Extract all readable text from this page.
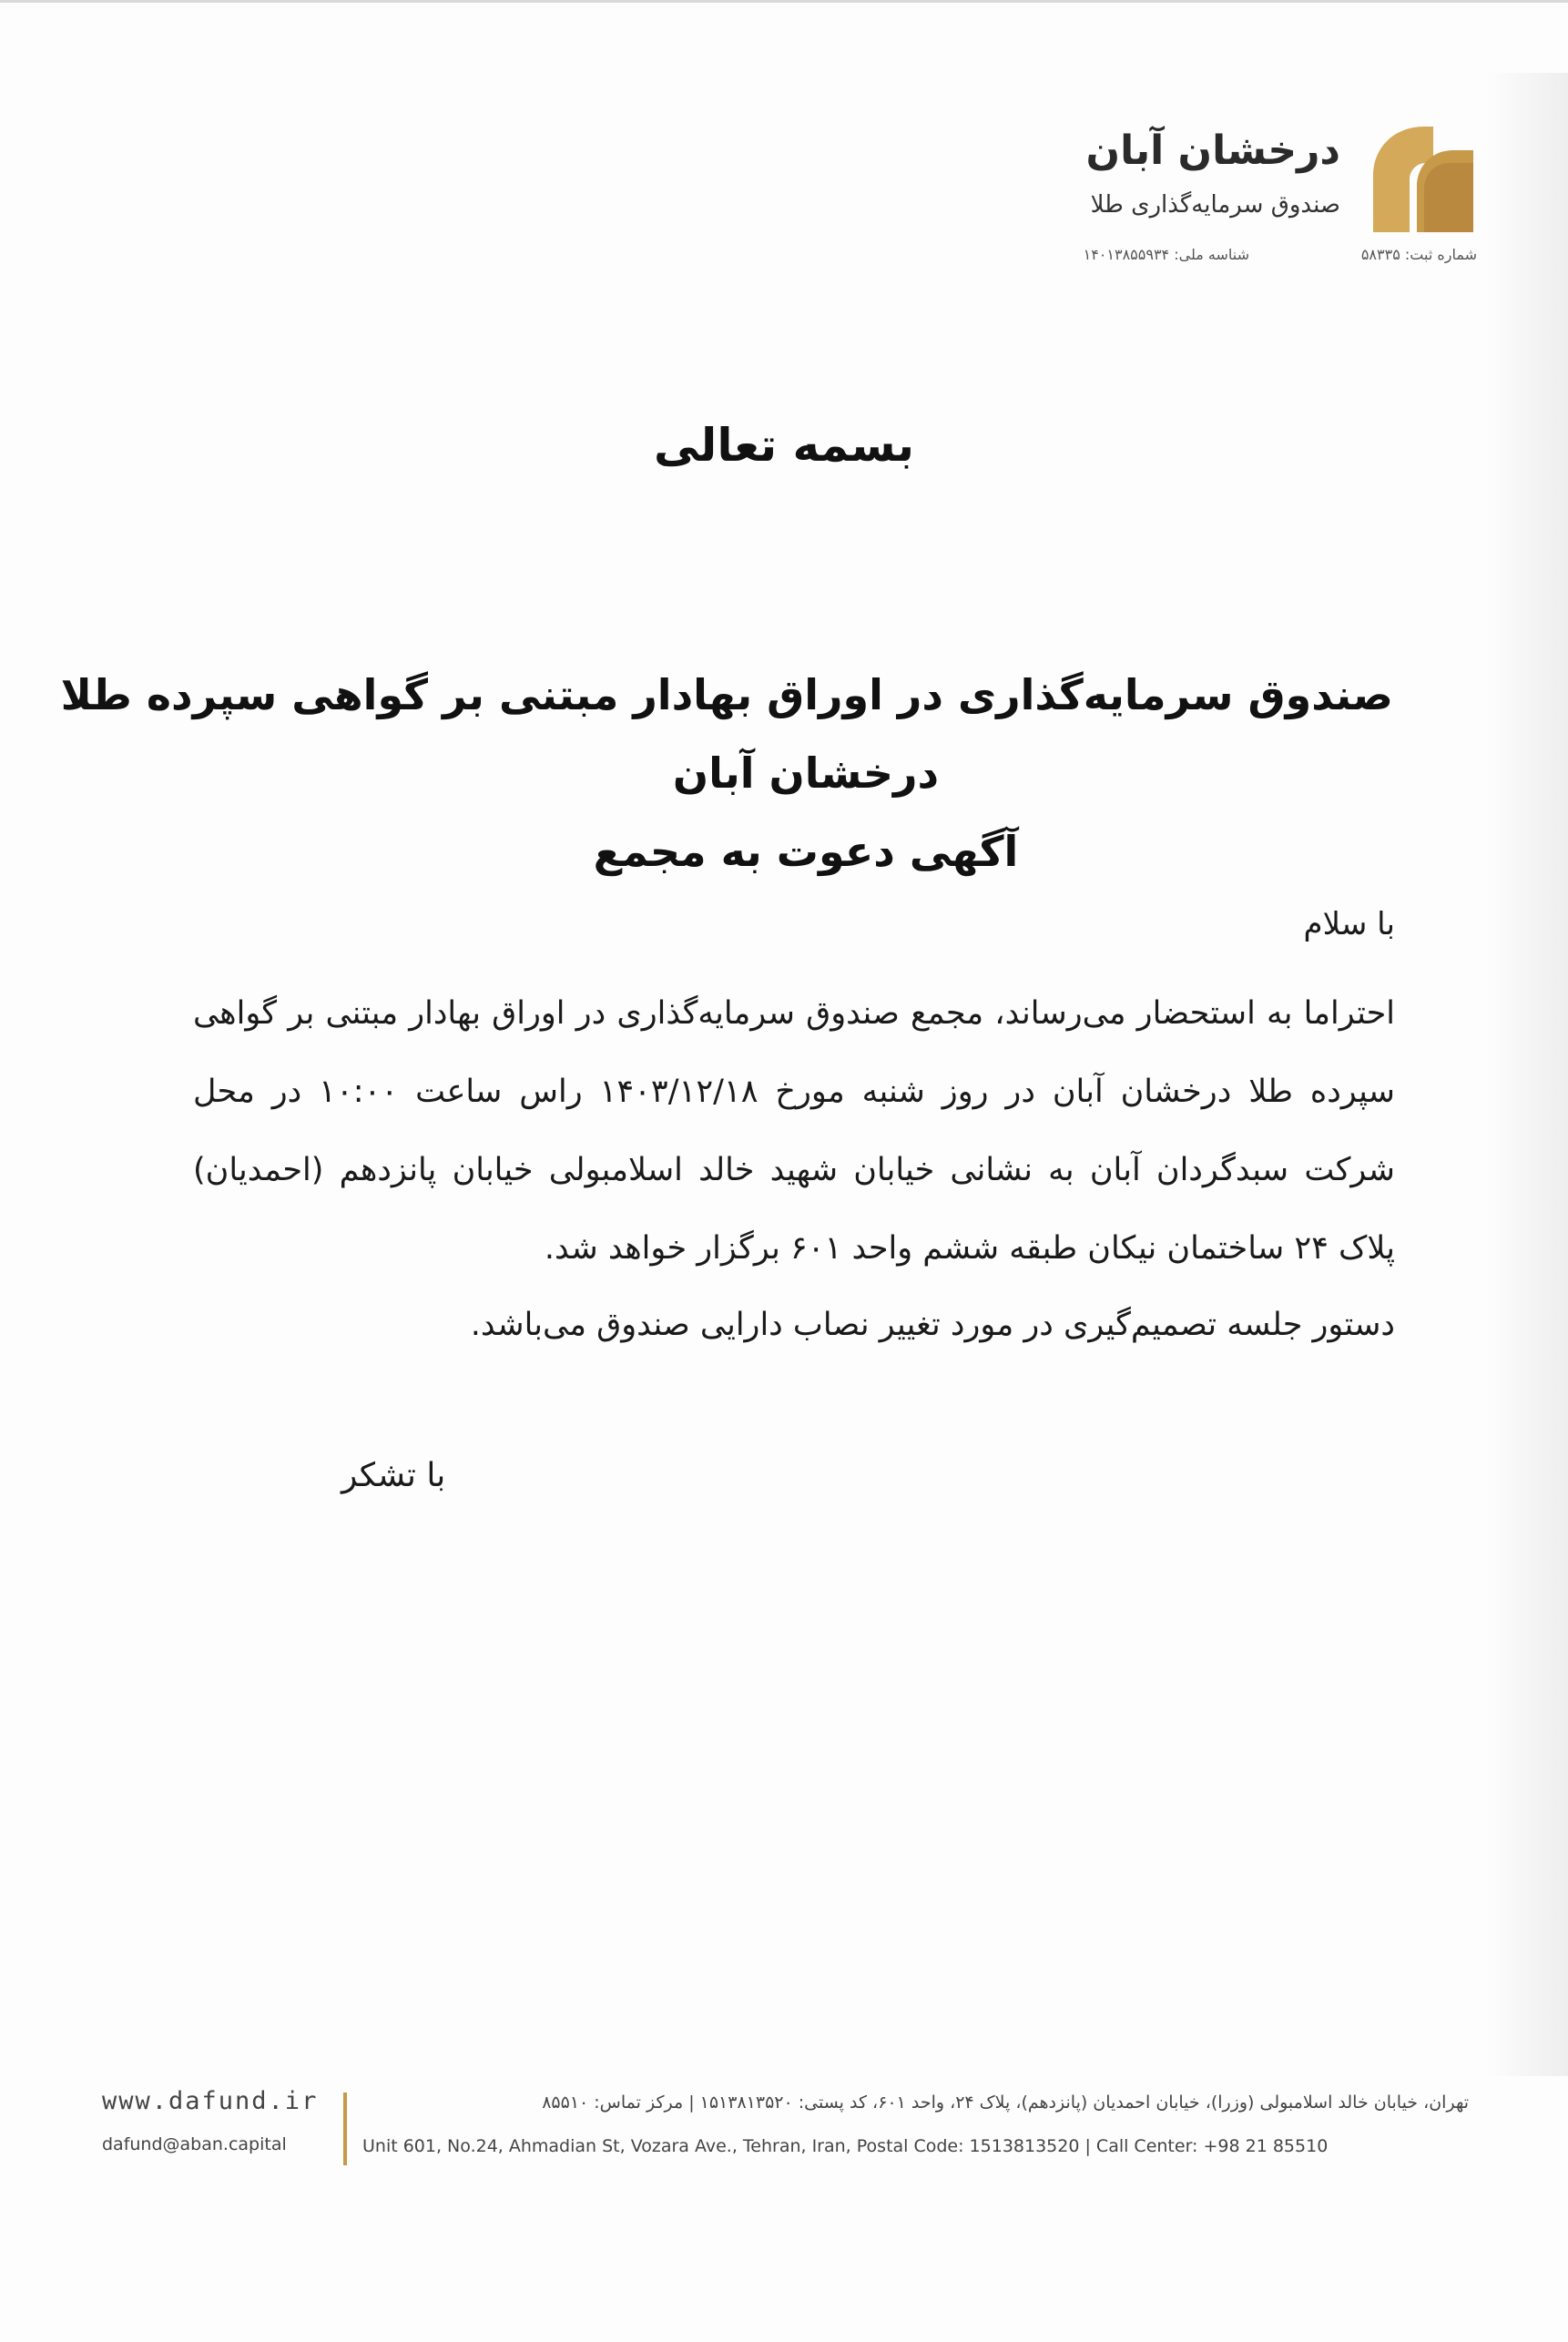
درخشان آبان
صندوق سرمایه‌گذاری طلا
شماره ثبت: ۵۸۳۳۵
شناسه ملی: ۱۴۰۱۳۸۵۵۹۳۴
بسمه تعالی
صندوق سرمایه‌گذاری در اوراق بهادار مبتنی بر گواهی سپرده طلا
درخشان آبان
آگهی دعوت به مجمع
با سلام
احتراما به استحضار می‌رساند، مجمع صندوق سرمایه‌گذاری در اوراق بهادار مبتنی بر گواهی سپرده طلا درخشان آبان در روز شنبه مورخ ۱۴۰۳/۱۲/۱۸ راس ساعت ۱۰:۰۰ در محل شرکت سبدگردان آبان به نشانی خیابان شهید خالد اسلامبولی خیابان پانزدهم (احمدیان) پلاک ۲۴ ساختمان نیکان طبقه ششم واحد ۶۰۱ برگزار خواهد شد.
دستور جلسه تصمیم‌گیری در مورد تغییر نصاب دارایی صندوق می‌باشد.
با تشکر
www.dafund.ir
dafund@aban.capital
تهران، خیابان خالد اسلامبولی (وزرا)، خیابان احمدیان (پانزدهم)، پلاک ۲۴، واحد ۶۰۱، کد پستی: ۱۵۱۳۸۱۳۵۲۰ | مرکز تماس: ۸۵۵۱۰
Unit 601, No.24, Ahmadian St, Vozara Ave., Tehran, Iran, Postal Code: 1513813520 | Call Center: +98 21 85510
